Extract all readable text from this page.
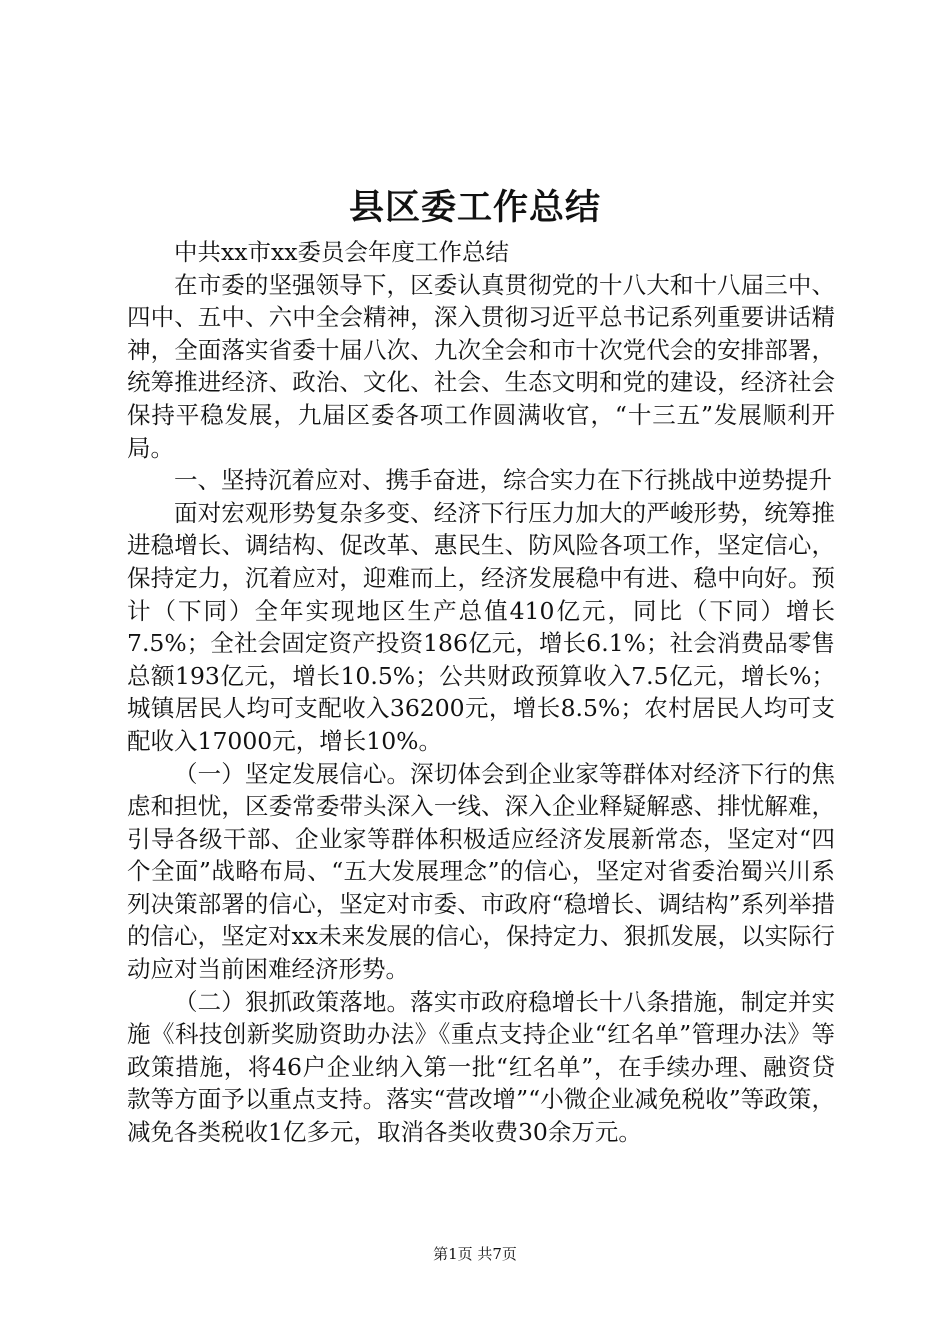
县区委工作总结

中共xx市xx委员会年度工作总结

在市委的坚强领导下，区委认真贯彻党的十八大和十八届三中、四中、五中、六中全会精神，深入贯彻习近平总书记系列重要讲话精神，全面落实省委十届八次、九次全会和市十次党代会的安排部署，统筹推进经济、政治、文化、社会、生态文明和党的建设，经济社会保持平稳发展，九届区委各项工作圆满收官，“十三五”发展顺利开局。

一、坚持沉着应对、携手奋进，综合实力在下行挑战中逆势提升

面对宏观形势复杂多变、经济下行压力加大的严峻形势，统筹推进稳增长、调结构、促改革、惠民生、防风险各项工作，坚定信心，保持定力，沉着应对，迎难而上，经济发展稳中有进、稳中向好。预计（下同）全年实现地区生产总值410亿元，同比（下同）增长7.5%；全社会固定资产投资186亿元，增长6.1%；社会消费品零售总额193亿元，增长10.5%；公共财政预算收入7.5亿元，增长%；城镇居民人均可支配收入36200元，增长8.5%；农村居民人均可支配收入17000元，增长10%。

（一）坚定发展信心。深切体会到企业家等群体对经济下行的焦虑和担忧，区委常委带头深入一线、深入企业释疑解惑、排忧解难，引导各级干部、企业家等群体积极适应经济发展新常态，坚定对“四个全面”战略布局、“五大发展理念”的信心，坚定对省委治蜀兴川系列决策部署的信心，坚定对市委、市政府“稳增长、调结构”系列举措的信心，坚定对xx未来发展的信心，保持定力、狠抓发展，以实际行动应对当前困难经济形势。

（二）狠抓政策落地。落实市政府稳增长十八条措施，制定并实施《科技创新奖励资助办法》《重点支持企业“红名单”管理办法》等政策措施，将46户企业纳入第一批“红名单”，在手续办理、融资贷款等方面予以重点支持。落实“营改增”“小微企业减免税收”等政策，减免各类税收1亿多元，取消各类收费30余万元。

第1页 共7页
